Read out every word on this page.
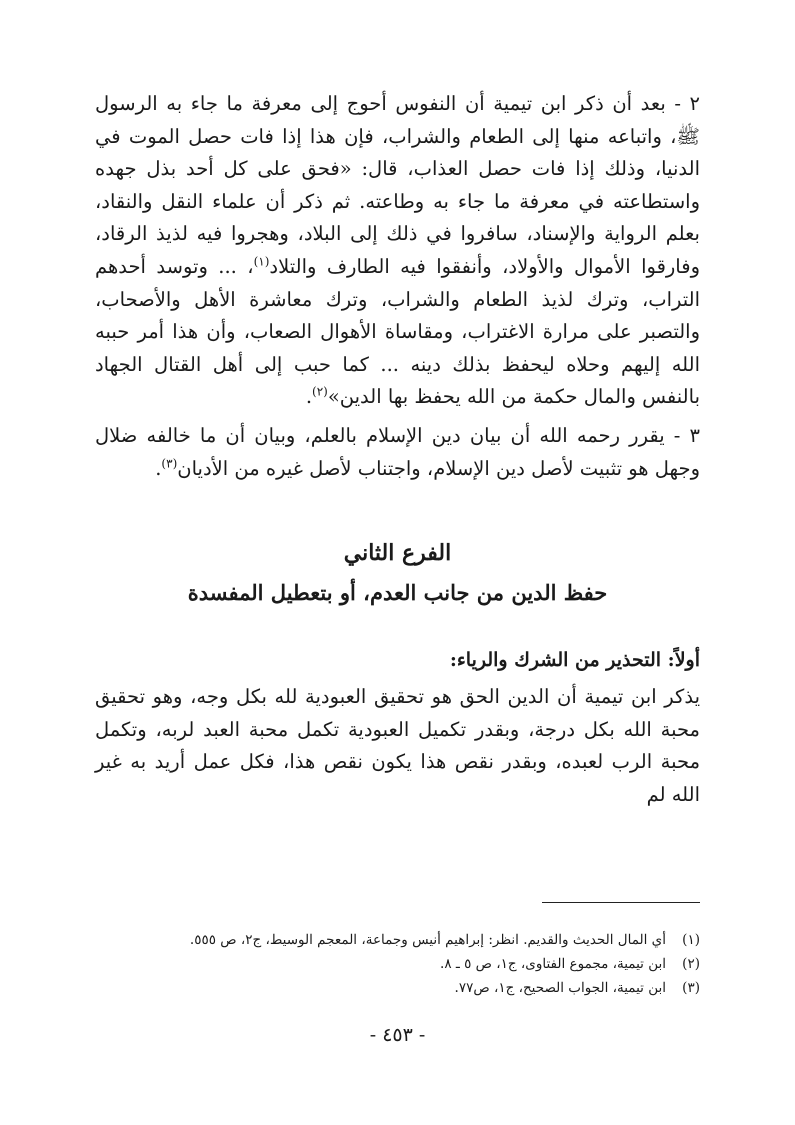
٢ - بعد أن ذكر ابن تيمية أن النفوس أحوج إلى معرفة ما جاء به الرسول ﷺ، واتباعه منها إلى الطعام والشراب، فإن هذا إذا فات حصل الموت في الدنيا، وذلك إذا فات حصل العذاب، قال: «فحق على كل أحد بذل جهده واستطاعته في معرفة ما جاء به وطاعته. ثم ذكر أن علماء النقل والنقاد، بعلم الرواية والإسناد، سافروا في ذلك إلى البلاد، وهجروا فيه لذيذ الرقاد، وفارقوا الأموال والأولاد، وأنفقوا فيه الطارف والتلاد$^{(١)}$، ... وتوسد أحدهم التراب، وترك لذيذ الطعام والشراب، وترك معاشرة الأهل والأصحاب، والتصبر على مرارة الاغتراب، ومقاساة الأهوال الصعاب، وأن هذا أمر حببه الله إليهم وحلاه ليحفظ بذلك دينه ... كما حبب إلى أهل القتال الجهاد بالنفس والمال حكمة من الله يحفظ بها الدين»$^{(٢)}$.

٣ - يقرر رحمه الله أن بيان دين الإسلام بالعلم، وبيان أن ما خالفه ضلال وجهل هو تثبيت لأصل دين الإسلام، واجتناب لأصل غيره من الأديان$^{(٣)}$.

الفرع الثاني
حفظ الدين من جانب العدم، أو بتعطيل المفسدة
أولاً: التحذير من الشرك والرياء:

يذكر ابن تيمية أن الدين الحق هو تحقيق العبودية لله بكل وجه، وهو تحقيق محبة الله بكل درجة، وبقدر تكميل العبودية تكمل محبة العبد لربه، وتكمل محبة الرب لعبده، وبقدر نقص هذا يكون نقص هذا، فكل عمل أريد به غير الله لم

(١)أي المال الحديث والقديم. انظر: إبراهيم أنيس وجماعة، المعجم الوسيط، ج٢، ص ٥٥٥.

(٢)ابن تيمية، مجموع الفتاوى، ج١، ص ٥ ـ ٨.

(٣)ابن تيمية، الجواب الصحيح، ج١، ص٧٧.

- ٤٥٣ -
